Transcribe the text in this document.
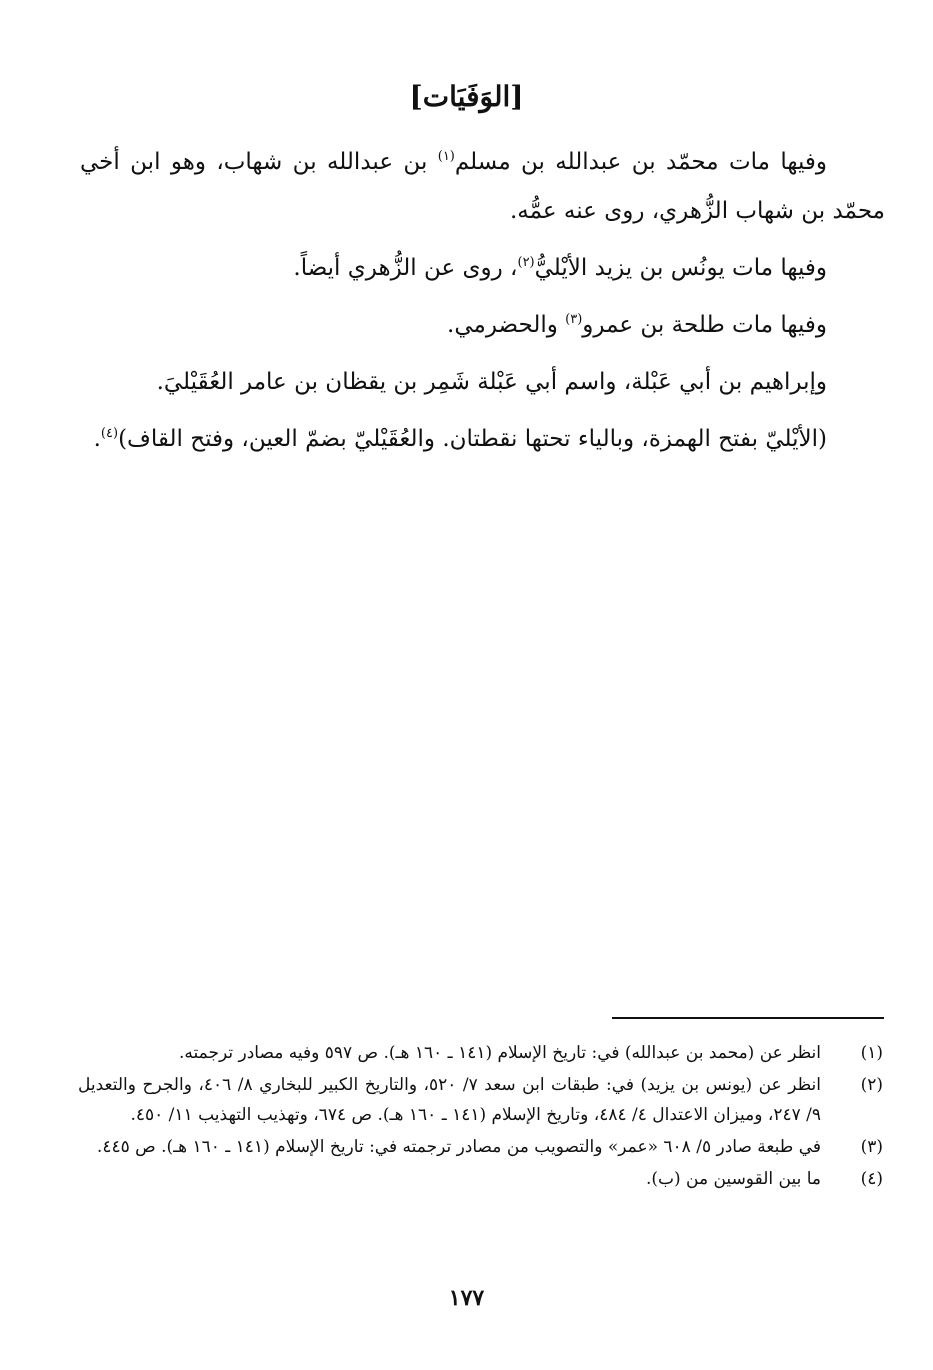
[الوَفَيَات]

وفيها مات محمّد بن عبدالله بن مسلم$^{(١)}$ بن عبدالله بن شهاب، وهو ابن أخي محمّد بن شهاب الزُّهري، روى عنه عمُّه.

وفيها مات يونُس بن يزيد الأيْليُّ$^{(٢)}$، روى عن الزُّهري أيضاً.

وفيها مات طلحة بن عمرو$^{(٣)}$ والحضرمي.

وإبراهيم بن أبي عَبْلة، واسم أبي عَبْلة شَمِر بن يقظان بن عامر العُقَيْليَ.

(الأيْليّ بفتح الهمزة، وبالياء تحتها نقطتان. والعُقَيْليّ بضمّ العين، وفتح القاف)$^{(٤)}$.

(١)
انظر عن (محمد بن عبدالله) في: تاريخ الإسلام (١٤١ ـ ١٦٠ هـ). ص ٥٩٧ وفيه مصادر ترجمته.
(٢)
انظر عن (يونس بن يزيد) في: طبقات ابن سعد ٧/ ٥٢٠، والتاريخ الكبير للبخاري ٨/ ٤٠٦، والجرح والتعديل ٩/ ٢٤٧، وميزان الاعتدال ٤/ ٤٨٤، وتاريخ الإسلام (١٤١ ـ ١٦٠ هـ). ص ٦٧٤، وتهذيب التهذيب ١١/ ٤٥٠.
(٣)
في طبعة صادر ٥/ ٦٠٨ «عمر» والتصويب من مصادر ترجمته في: تاريخ الإسلام (١٤١ ـ ١٦٠ هـ). ص ٤٤٥.
(٤)
ما بين القوسين من (ب).
١٧٧
